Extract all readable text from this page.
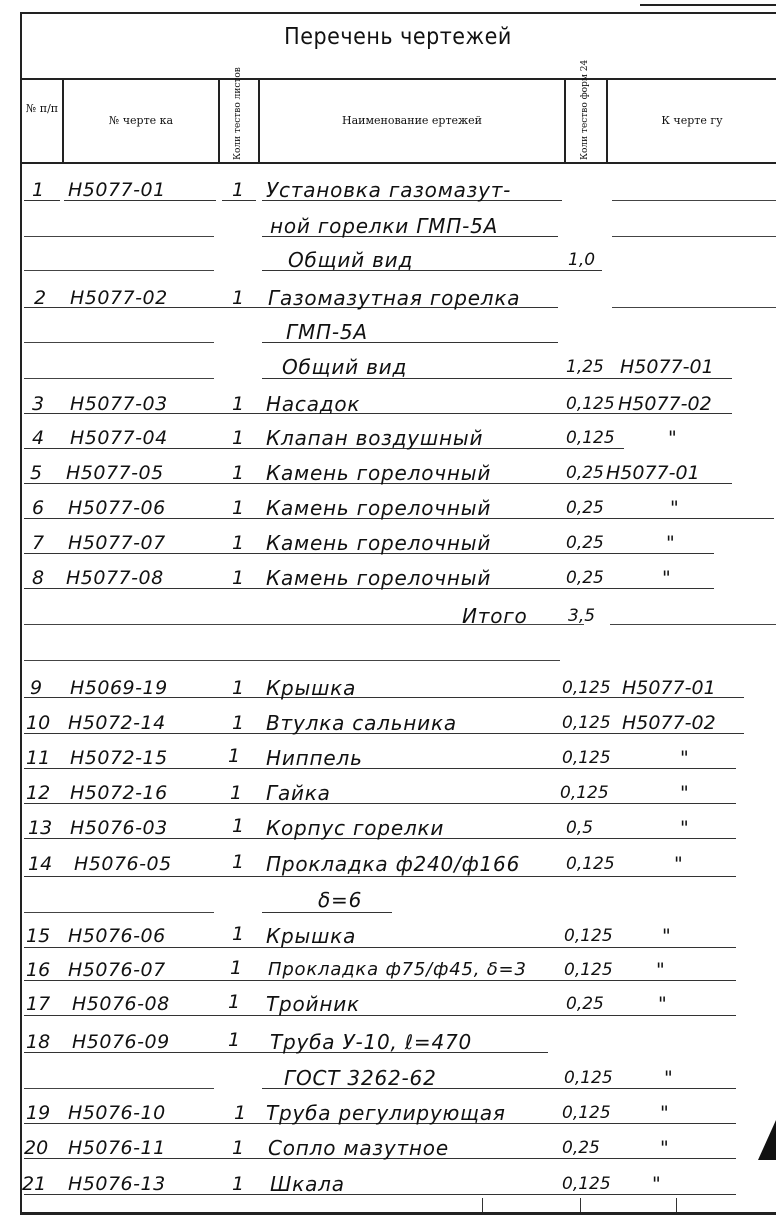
Перечень чертежей
№ п/п
№ черте ка	Коли тество листов	Наименование ертежей	Коли тество форм 24	К черте гу
1 Н5077-01	1 Установка газомазут-
ной горелки ГМП-5А
Общий вид	1,0
2 Н5077-02	1 Газомазутная горелка
ГМП-5А
Общий вид	1,25 Н5077-01
3 Н5077-03	1 Насадок	0,125 Н5077-02
4 Н5077-04	1 Клапан воздушный	0,125	"
5 Н5077-05	1 Камень горелочный	0,25 Н5077-01
6 Н5077-06	1 Камень горелочный	0,25	"
7 Н5077-07	1 Камень горелочный	0,25	"
8 Н5077-08	1 Камень горелочный	0,25	"
Итого 3,5
9 Н5069-19	1 Крышка	0,125 Н5077-01
10 Н5072-14	1 Втулка сальника	0,125 Н5077-02
11 Н5072-15	1 Ниппель	0,125	"
12 Н5072-16	1 Гайка	0,125	"
13 Н5076-03	1 Корпус горелки	0,5	"
14 Н5076-05	1 Прокладка ф240/ф166	0,125	"
δ=6
15 Н5076-06	1 Крышка	0,125	"
16 Н5076-07	1 Прокладка ф75/ф45, δ=3 0,125 "
17 Н5076-08	1 Тройник	0,25	"
18 Н5076-09	1 Труба У-10, ℓ=470
ГОСТ 3262-62	0,125	"
19 Н5076-10	1 Труба регулирующая	0,125	"
20 Н5076-11	1 Сопло мазутное	0,25	"
21 Н5076-13	1 Шкала	0,125 "
